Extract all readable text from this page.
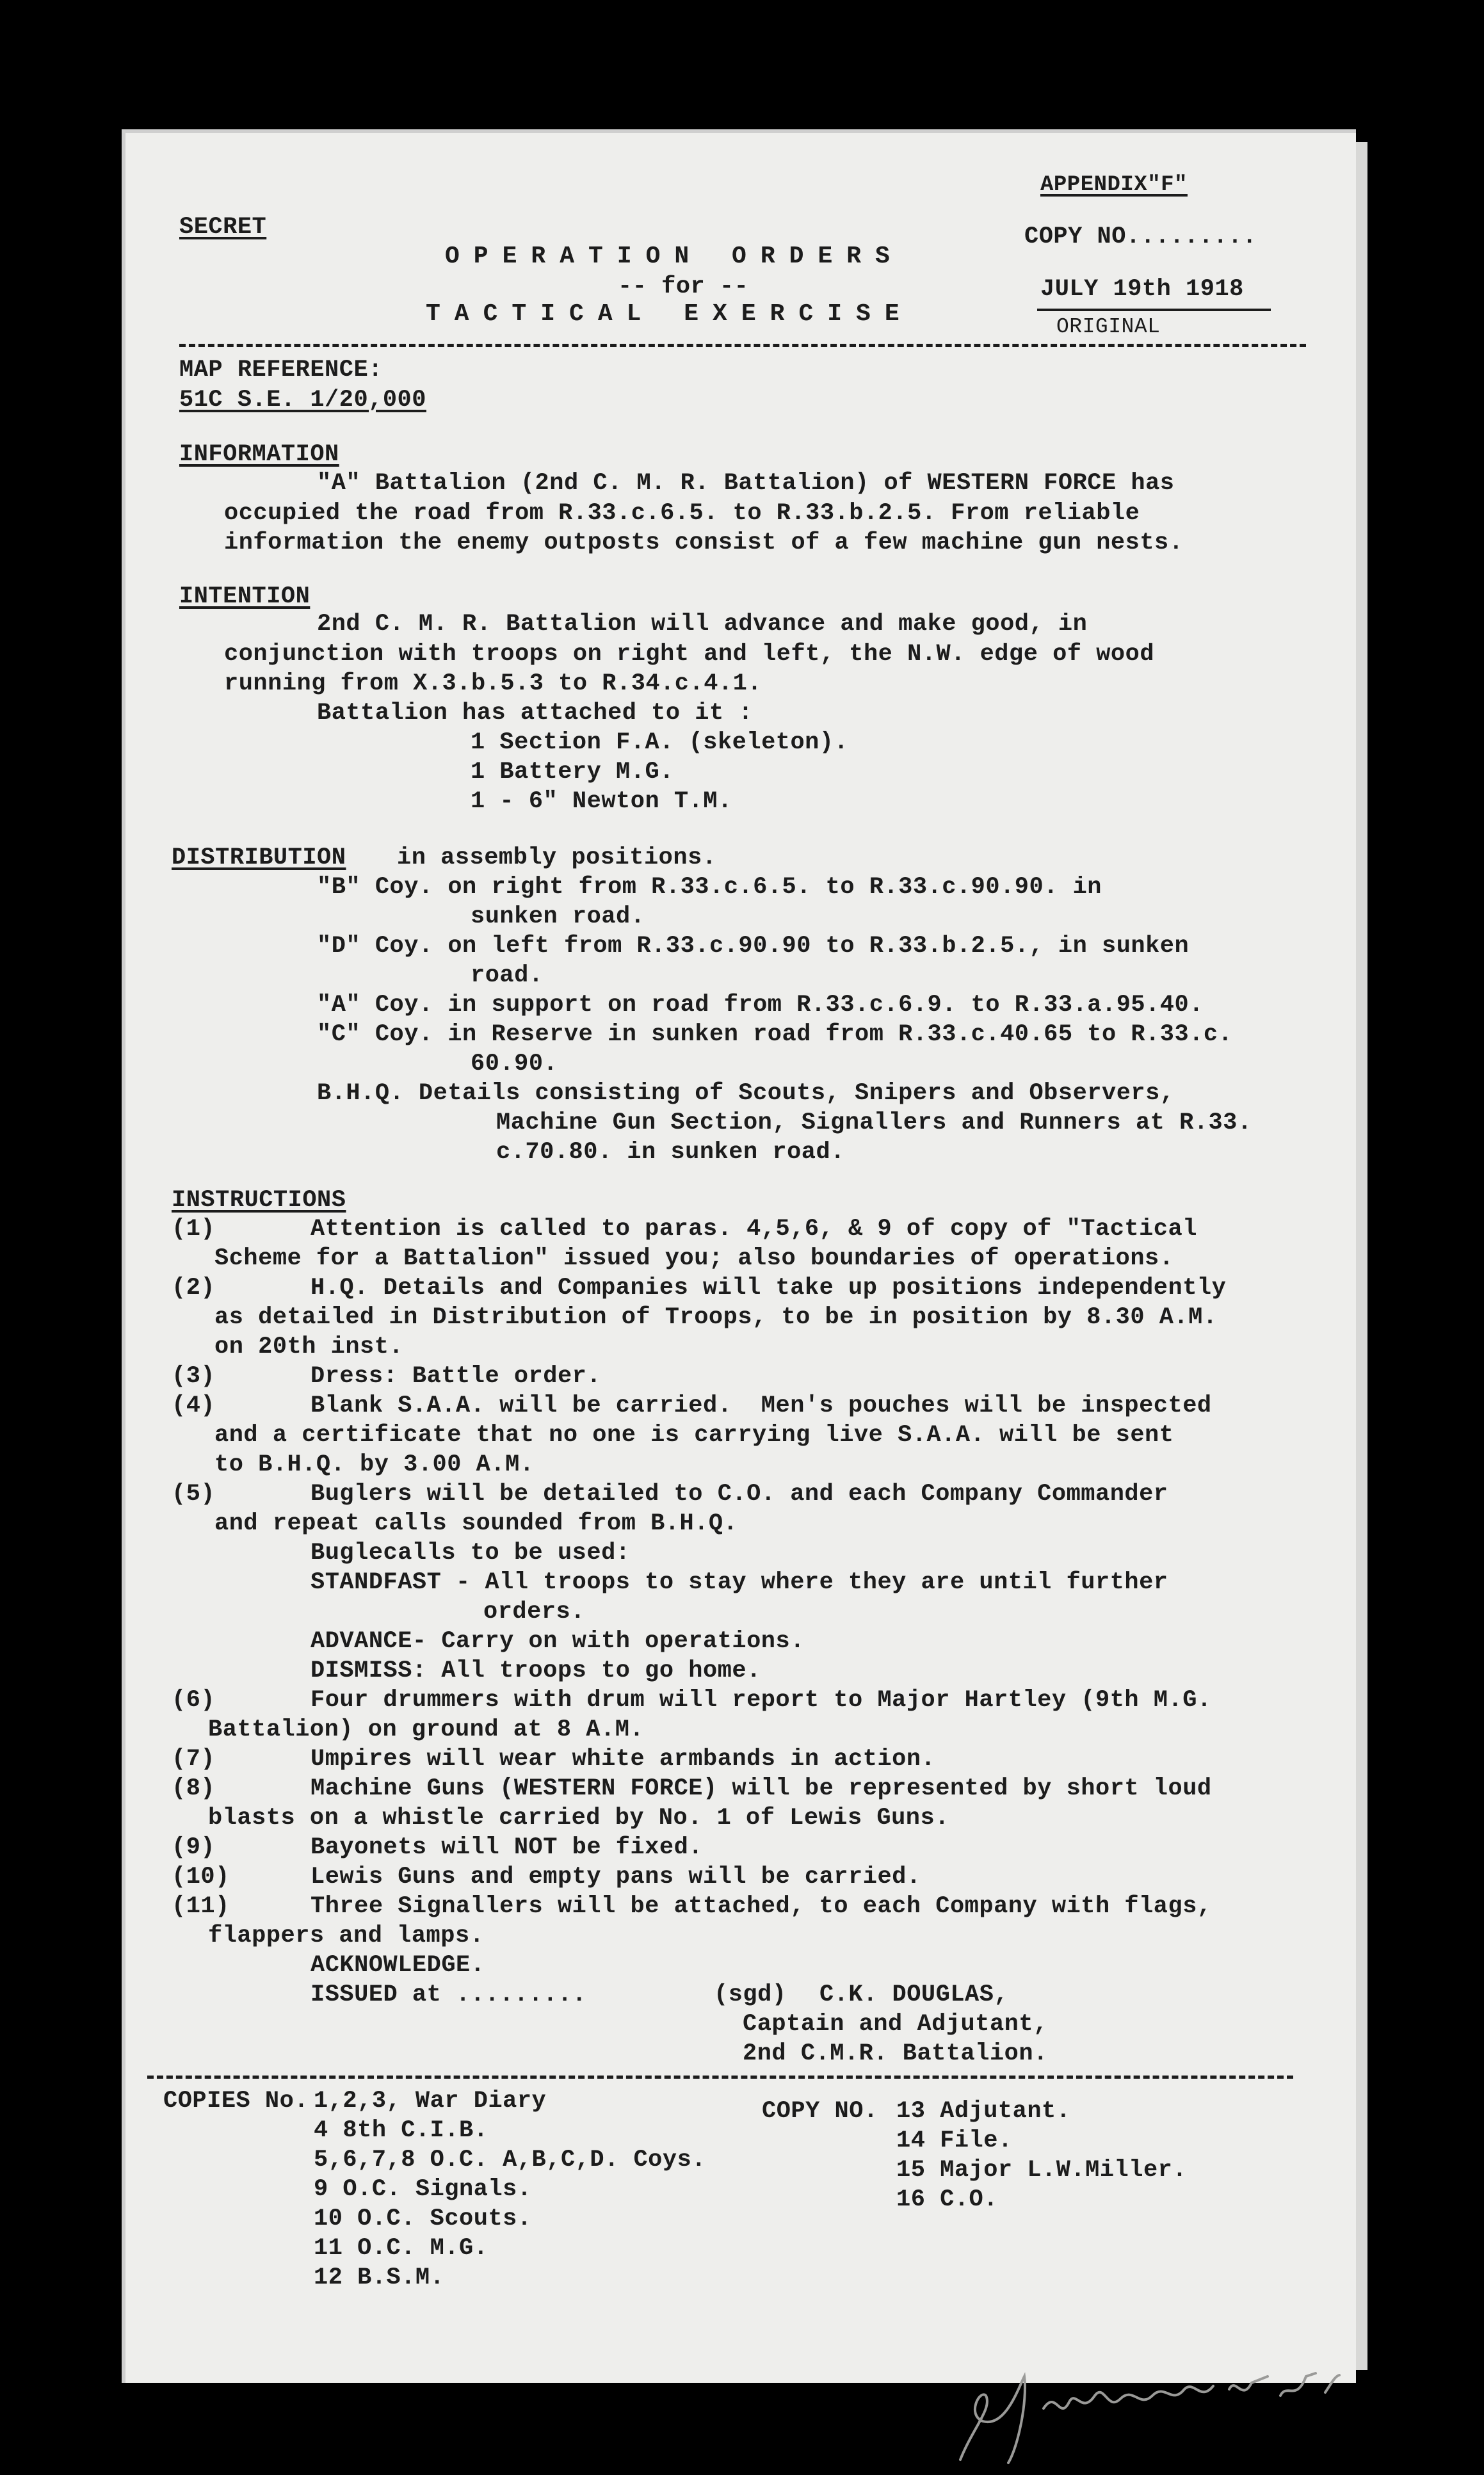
SECRET
APPENDIX"F"
COPY NO.........
OPERATION ORDERS
-- for --
TACTICAL EXERCISE
JULY 19th 1918
ORIGINAL
MAP REFERENCE:
51C S.E. 1/20,000
INFORMATION
"A" Battalion (2nd C. M. R. Battalion) of WESTERN FORCE has
occupied the road from R.33.c.6.5. to R.33.b.2.5. From reliable
information the enemy outposts consist of a few machine gun nests.
INTENTION
2nd C. M. R. Battalion will advance and make good, in
conjunction with troops on right and left, the N.W. edge of wood
running from X.3.b.5.3 to R.34.c.4.1.
Battalion has attached to it :
1 Section F.A. (skeleton).
1 Battery M.G.
1 - 6" Newton T.M.
DISTRIBUTION in assembly positions.
"B" Coy. on right from R.33.c.6.5. to R.33.c.90.90. in
sunken road.
"D" Coy. on left from R.33.c.90.90 to R.33.b.2.5., in sunken
road.
"A" Coy. in support on road from R.33.c.6.9. to R.33.a.95.40.
"C" Coy. in Reserve in sunken road from R.33.c.40.65 to R.33.c.
60.90.
B.H.Q. Details consisting of Scouts, Snipers and Observers,
Machine Gun Section, Signallers and Runners at R.33.
c.70.80. in sunken road.
INSTRUCTIONS
(1)	Attention is called to paras. 4,5,6, & 9 of copy of "Tactical
Scheme for a Battalion" issued you; also boundaries of operations.
(2)	H.Q. Details and Companies will take up positions independently
as detailed in Distribution of Troops, to be in position by 8.30 A.M.
on 20th inst.
(3)	Dress: Battle order.
(4)	Blank S.A.A. will be carried.  Men's pouches will be inspected
and a certificate that no one is carrying live S.A.A. will be sent
to B.H.Q. by 3.00 A.M.
(5)	Buglers will be detailed to C.O. and each Company Commander
and repeat calls sounded from B.H.Q.
Buglecalls to be used:
STANDFAST - All troops to stay where they are until further
orders.
ADVANCE- Carry on with operations.
DISMISS: All troops to go home.
(6)	Four drummers with drum will report to Major Hartley (9th M.G.
Battalion) on ground at 8 A.M.
(7)	Umpires will wear white armbands in action.
(8)	Machine Guns (WESTERN FORCE) will be represented by short loud
blasts on a whistle carried by No. 1 of Lewis Guns.
(9)	Bayonets will NOT be fixed.
(10)	Lewis Guns and empty pans will be carried.
(11)	Three Signallers will be attached, to each Company with flags,
flappers and lamps.
ACKNOWLEDGE.
ISSUED at .........	(sgd) C.K. DOUGLAS,
Captain and Adjutant,
2nd C.M.R. Battalion.
COPIES No. 1,2,3, War Diary
4 8th C.I.B.
5,6,7,8 O.C. A,B,C,D. Coys.
9 O.C. Signals.
10 O.C. Scouts.
11 O.C. M.G.
12 B.S.M.
COPY NO. 13 Adjutant.
14 File.
15 Major L.W.Miller.
16 C.O.
